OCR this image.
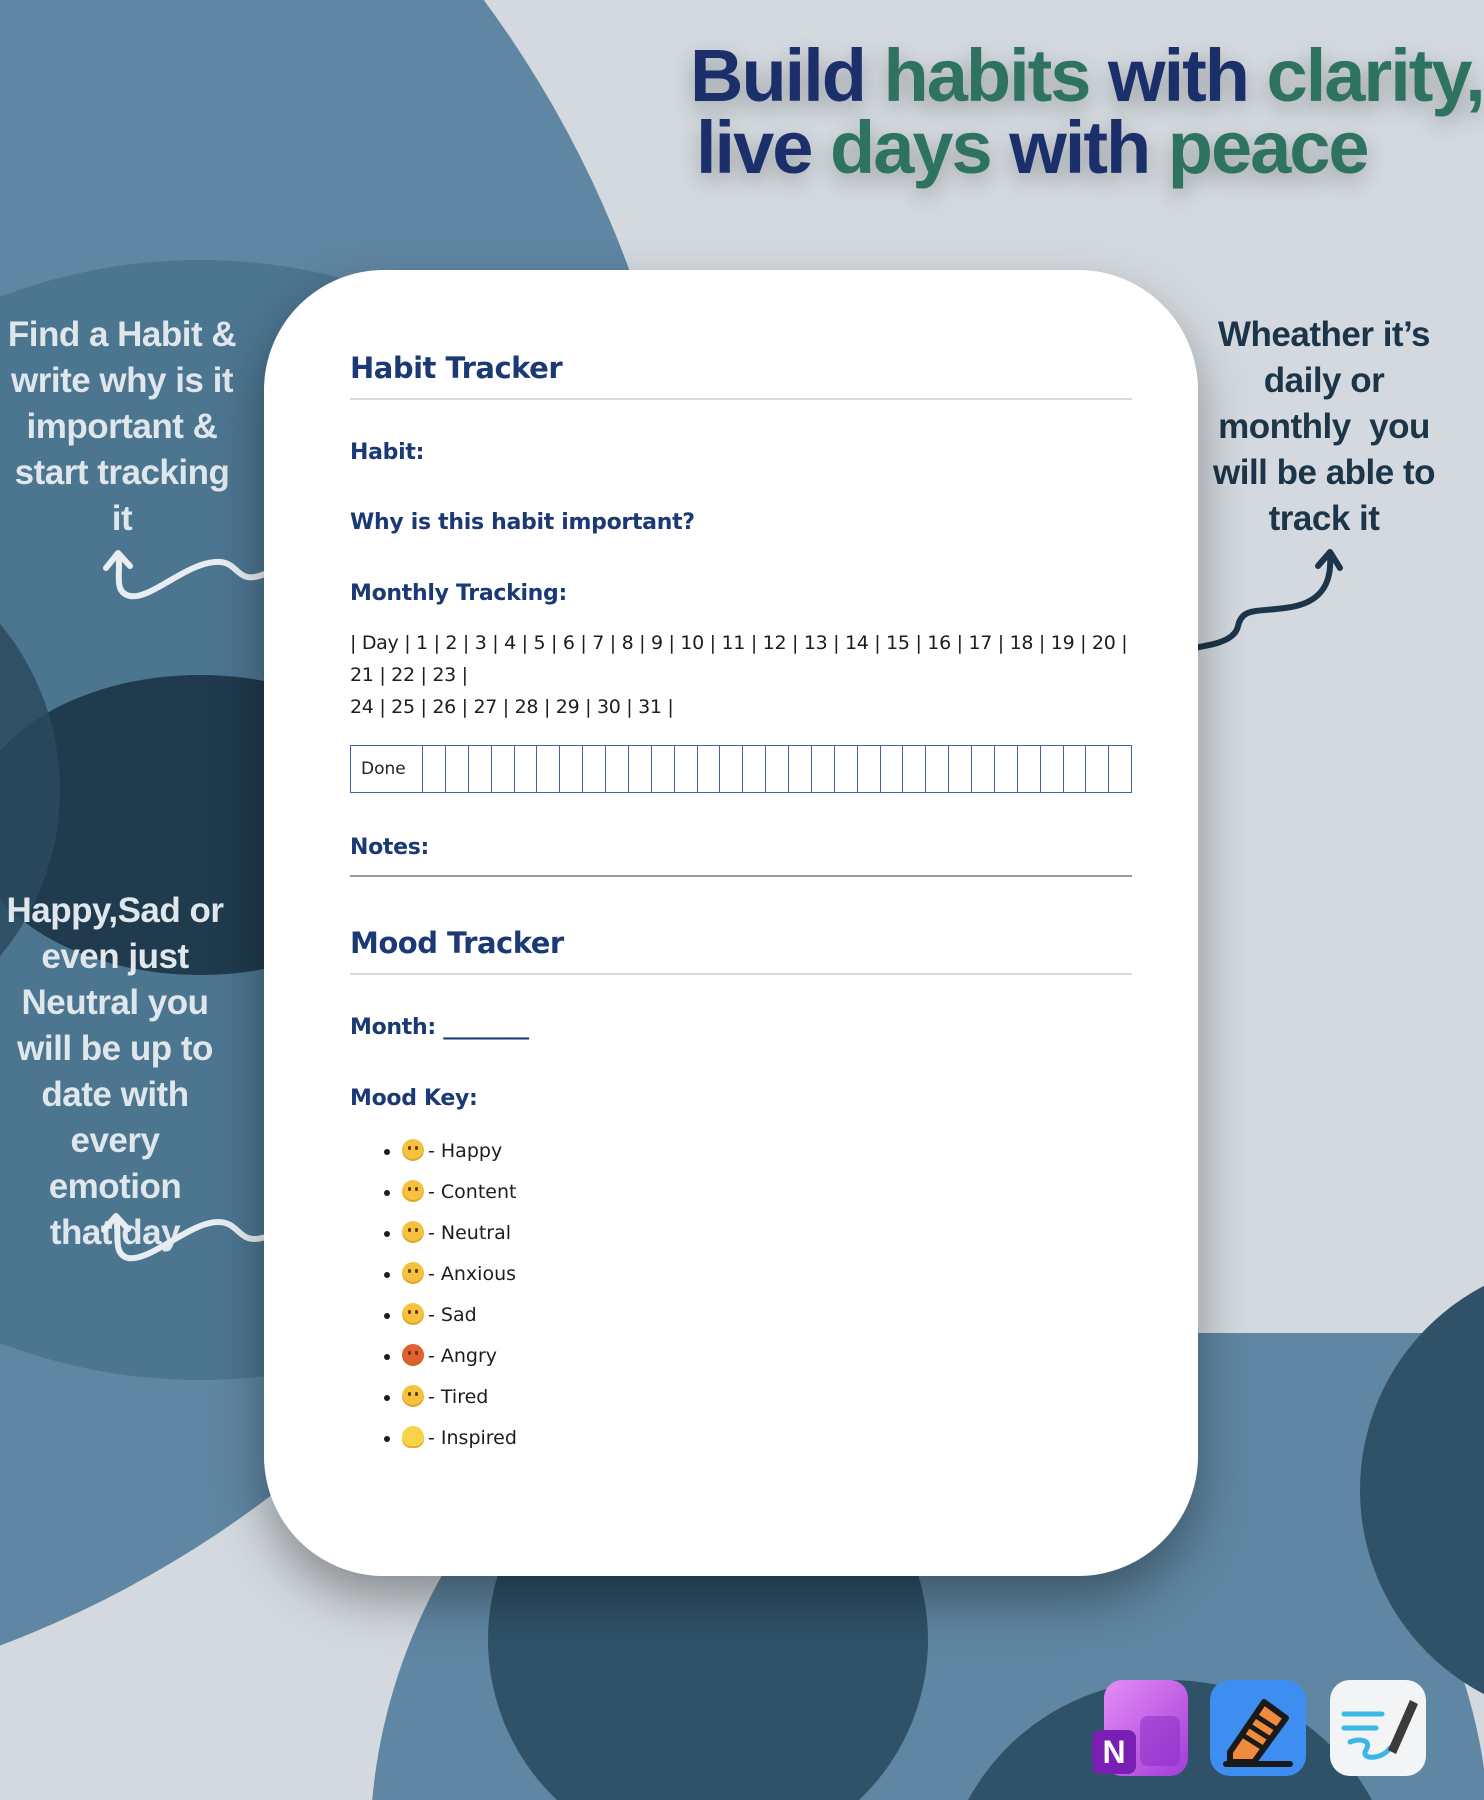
Build habits with clarity,
live days with peace
Find a Habit &
write why is it
important &
start tracking
it
Wheather it’s
daily or
monthly  you
will be able to
track it
Happy,Sad or
even just
Neutral you
will be up to
date with
every emotion
that day
Habit Tracker
Habit:
Why is this habit important?
Monthly Tracking:
| Day | 1 | 2 | 3 | 4 | 5 | 6 | 7 | 8 | 9 | 10 | 11 | 12 | 13 | 14 | 15 | 16 | 17 | 18 | 19 | 20 | 21 | 22 | 23 |
24 | 25 | 26 | 27 | 28 | 29 | 30 | 31 |
Done
Notes:
Mood Tracker
Month: ________
Mood Key:
• - Happy
• - Content
• - Neutral
• - Anxious
• - Sad
• - Angry
• - Tired
• - Inspired
N
